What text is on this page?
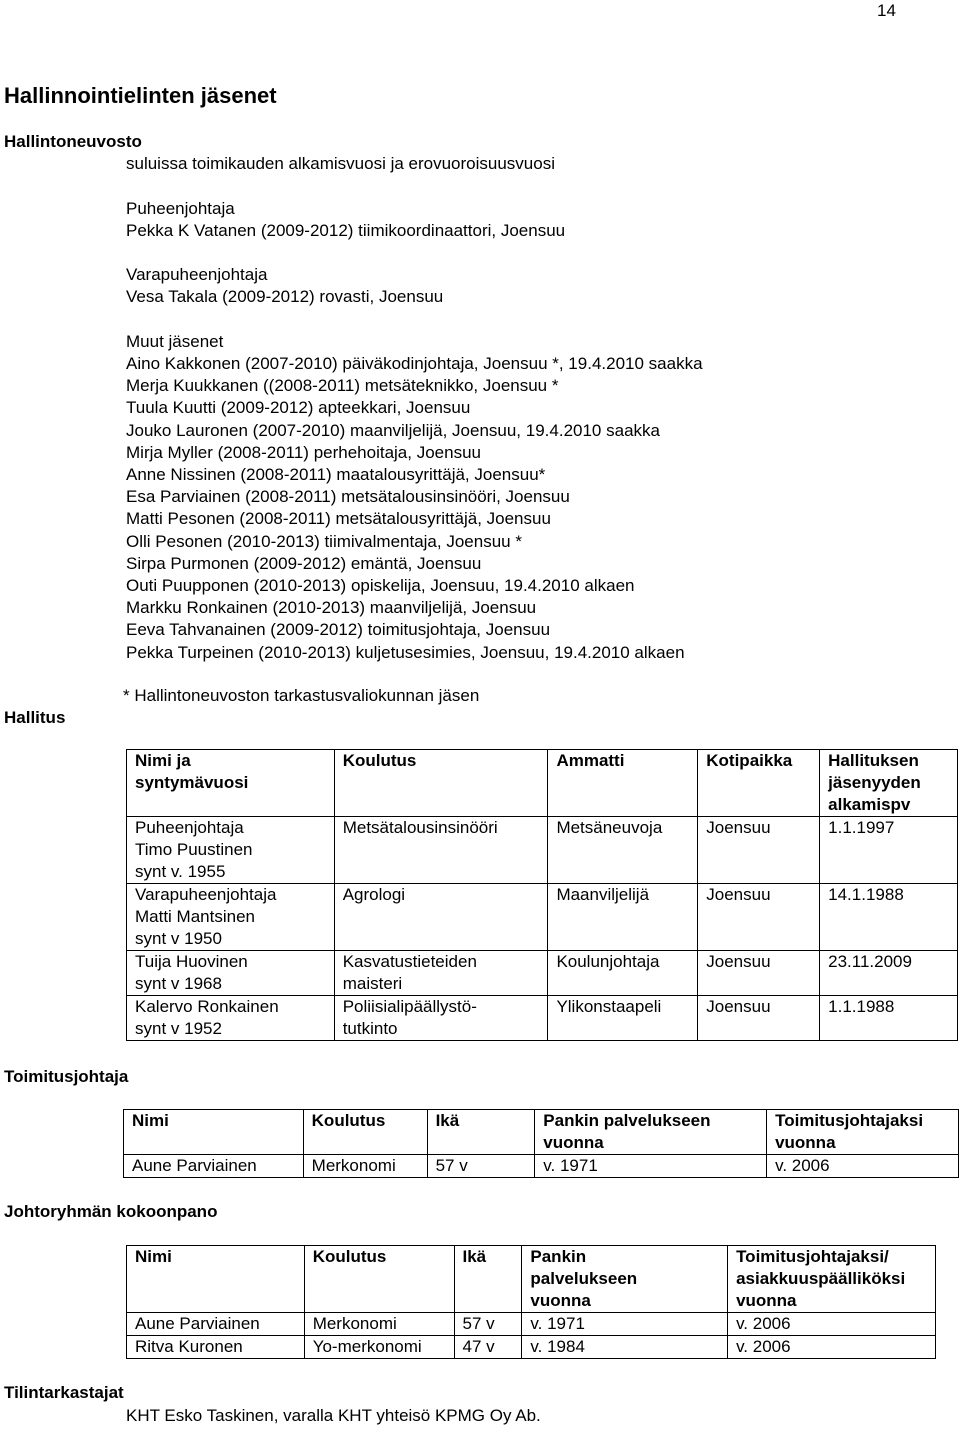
14
Hallinnointielinten jäsenet
Hallintoneuvosto
suluissa toimikauden alkamisvuosi ja erovuoroisuusvuosi
Puheenjohtaja
Pekka K Vatanen (2009-2012) tiimikoordinaattori, Joensuu
Varapuheenjohtaja
Vesa Takala (2009-2012) rovasti, Joensuu
Muut jäsenet
Aino Kakkonen (2007-2010) päiväkodinjohtaja, Joensuu *, 19.4.2010 saakka
Merja Kuukkanen ((2008-2011) metsäteknikko, Joensuu *
Tuula Kuutti (2009-2012) apteekkari, Joensuu
Jouko Lauronen (2007-2010) maanviljelijä, Joensuu, 19.4.2010 saakka
Mirja Myller (2008-2011) perhehoitaja, Joensuu
Anne Nissinen (2008-2011) maatalousyrittäjä, Joensuu*
Esa Parviainen (2008-2011) metsätalousinsinööri, Joensuu
Matti Pesonen (2008-2011) metsätalousyrittäjä, Joensuu
Olli Pesonen (2010-2013) tiimivalmentaja, Joensuu *
Sirpa Purmonen (2009-2012) emäntä, Joensuu
Outi Puupponen (2010-2013) opiskelija, Joensuu, 19.4.2010 alkaen
Markku Ronkainen (2010-2013) maanviljelijä, Joensuu
Eeva Tahvanainen (2009-2012) toimitusjohtaja, Joensuu
Pekka Turpeinen (2010-2013) kuljetusesimies, Joensuu, 19.4.2010 alkaen
* Hallintoneuvoston tarkastusvaliokunnan jäsen
Hallitus
Nimi ja
syntymävuosi	Koulutus	Ammatti	Kotipaikka	Hallituksen
jäsenyyden
alkamispv

Puheenjohtaja
Timo Puustinen
synt v. 1955	Metsätalousinsinööri	Metsäneuvoja	Joensuu	1.1.1997

Varapuheenjohtaja
Matti Mantsinen
synt v 1950	Agrologi	Maanviljelijä	Joensuu	14.1.1988

Tuija Huovinen
synt v 1968	Kasvatustieteiden
maisteri	Koulunjohtaja	Joensuu	23.11.2009

Kalervo Ronkainen
synt v 1952	Poliisialipäällystö-
tutkinto	Ylikonstaapeli	Joensuu	1.1.1988
Toimitusjohtaja
Nimi	Koulutus	Ikä	Pankin palvelukseen
vuonna	Toimitusjohtajaksi
vuonna

Aune Parviainen	Merkonomi	57 v	v. 1971	v. 2006
Johtoryhmän kokoonpano
Nimi	Koulutus	Ikä	Pankin
palvelukseen
vuonna	Toimitusjohtajaksi/
asiakkuuspäälliköksi
vuonna

Aune Parviainen	Merkonomi	57 v	v. 1971	v. 2006
Ritva Kuronen	Yo-merkonomi	47 v	v. 1984	v. 2006
Tilintarkastajat
KHT Esko Taskinen, varalla KHT yhteisö KPMG Oy Ab.
